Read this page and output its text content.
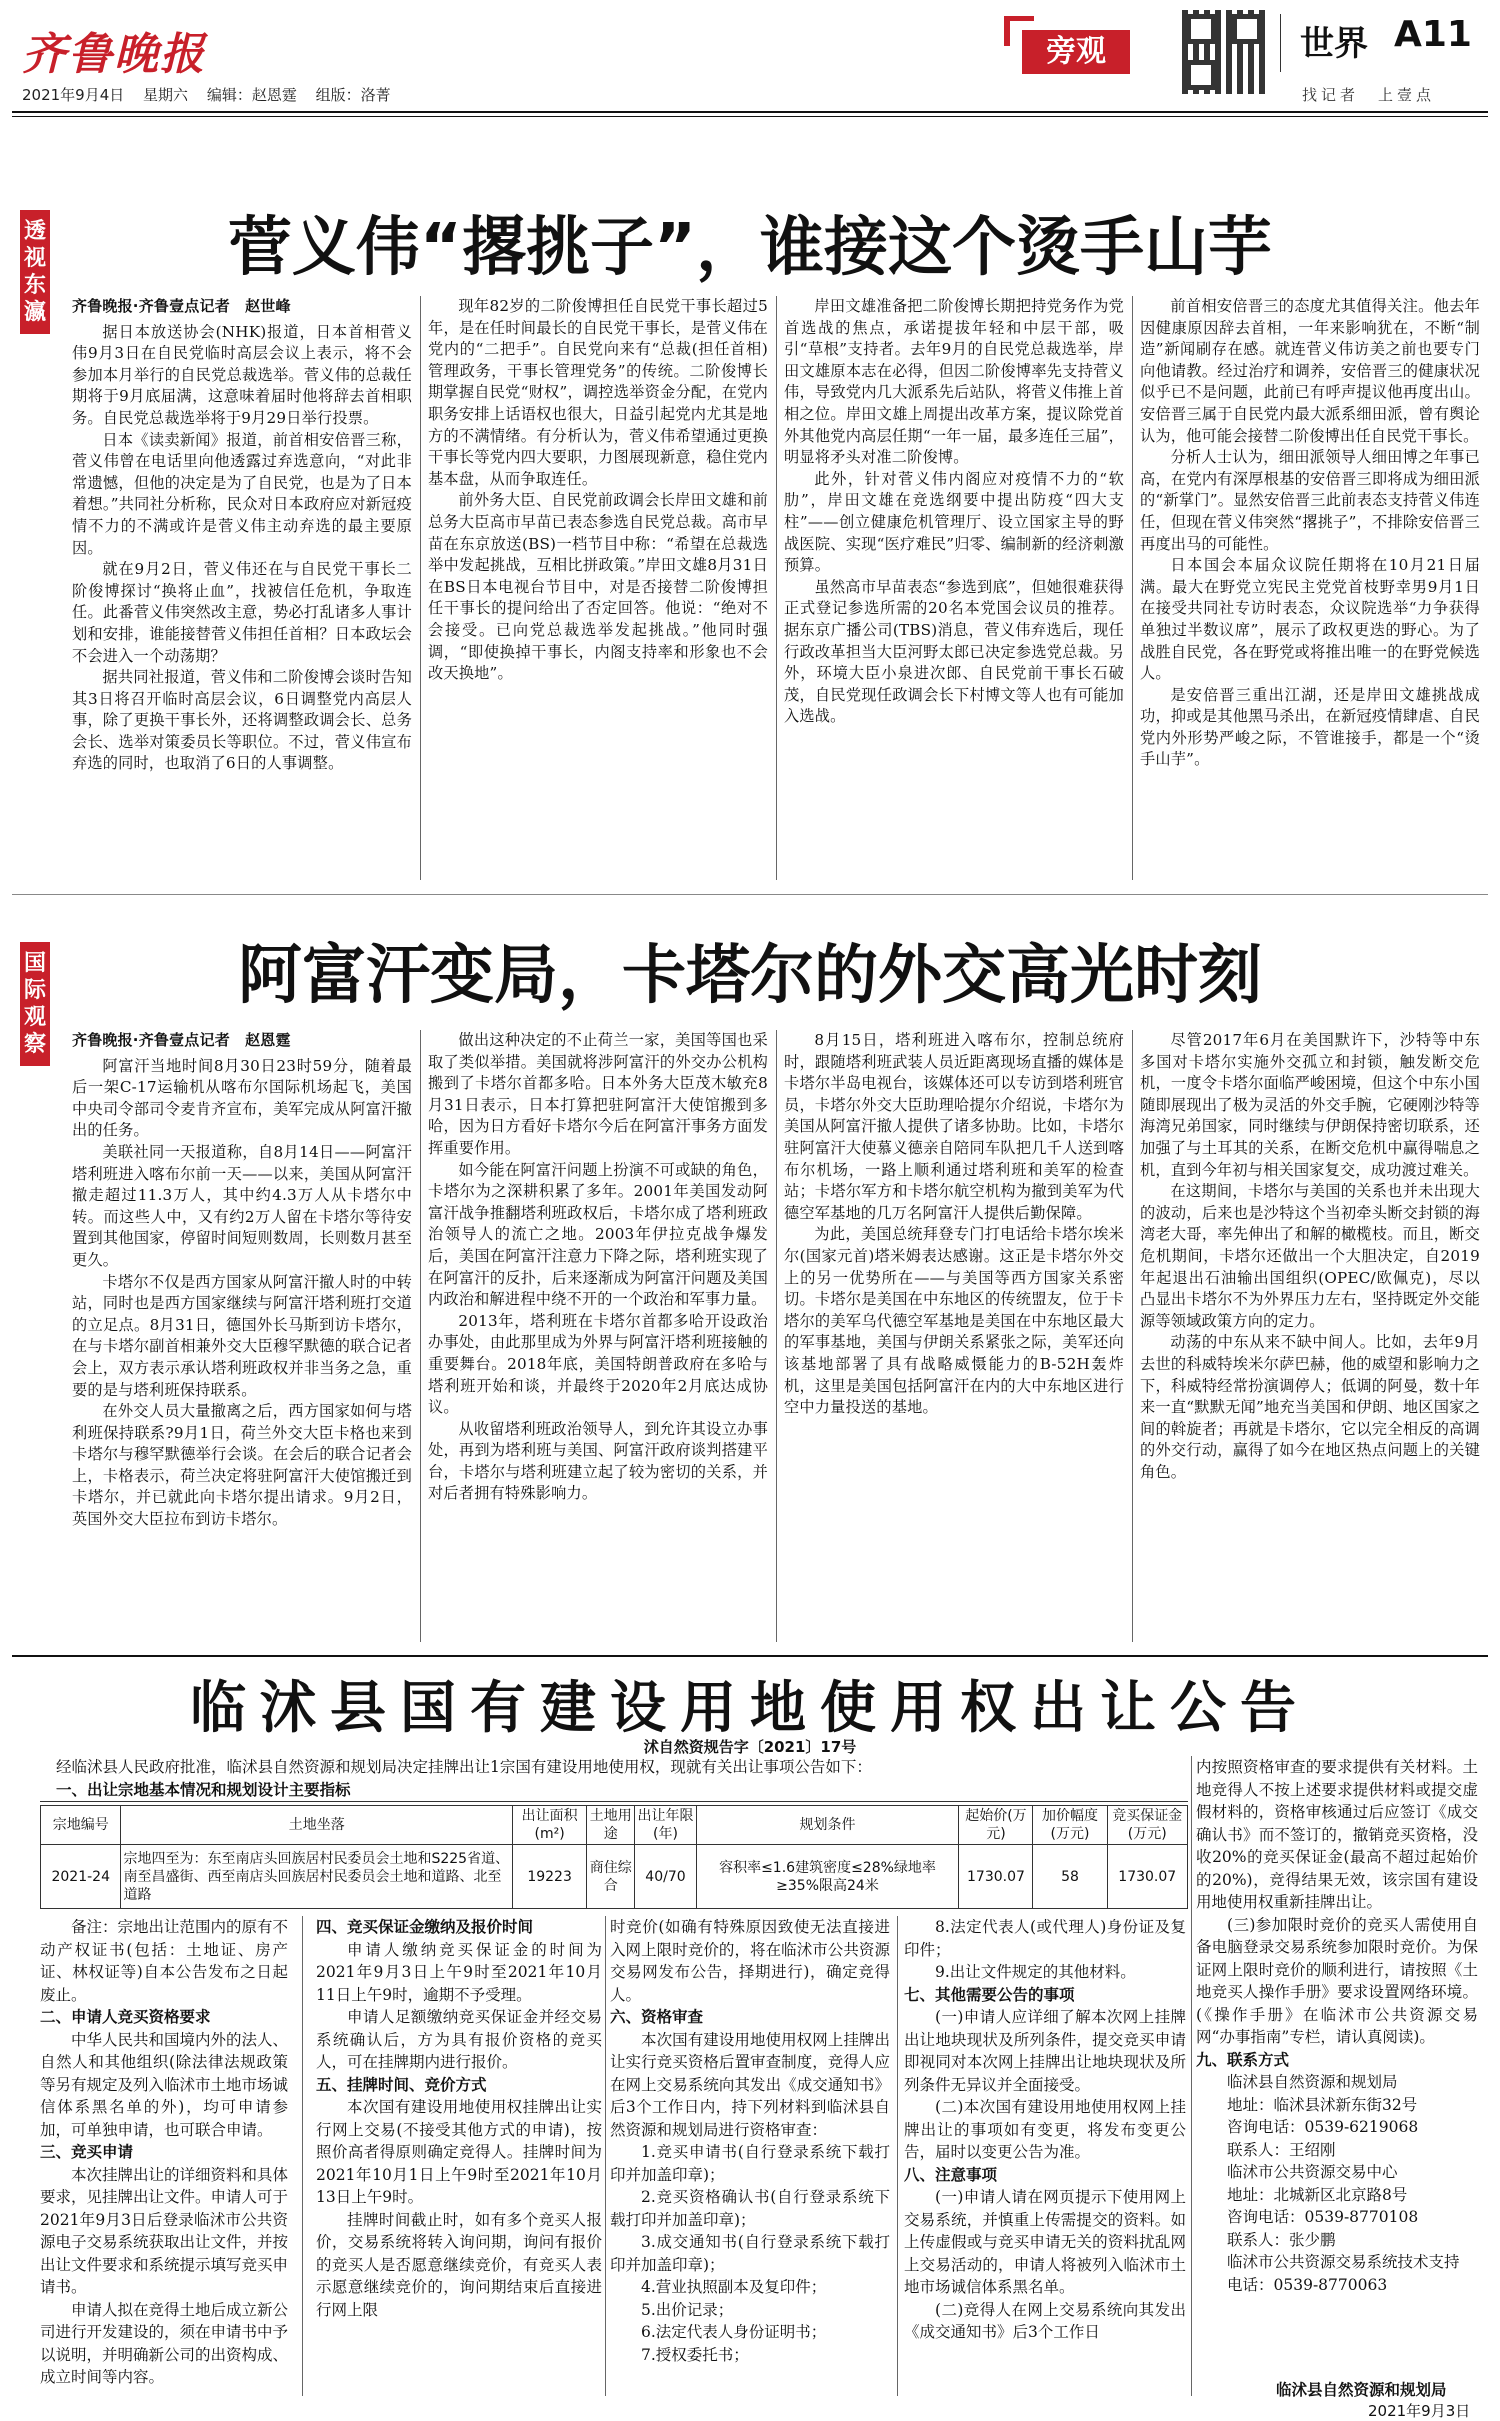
齐鲁晚报
2021年9月4日 星期六 编辑：赵恩霆 组版：洛菁
旁观	世界 A11
找记者　上壹点
透视东瀛
菅义伟“撂挑子”，谁接这个烫手山芋

齐鲁晚报·齐鲁壹点记者　赵世峰

据日本放送协会(NHK)报道，日本首相菅义伟9月3日在自民党临时高层会议上表示，将不会参加本月举行的自民党总裁选举。菅义伟的总裁任期将于9月底届满，这意味着届时他将辞去首相职务。自民党总裁选举将于9月29日举行投票。

日本《读卖新闻》报道，前首相安倍晋三称，菅义伟曾在电话里向他透露过弃选意向，“对此非常遗憾，但他的决定是为了自民党，也是为了日本着想。”共同社分析称，民众对日本政府应对新冠疫情不力的不满或许是菅义伟主动弃选的最主要原因。

就在9月2日，菅义伟还在与自民党干事长二阶俊博探讨“换将止血”，找被信任危机，争取连任。此番菅义伟突然改主意，势必打乱诸多人事计划和安排，谁能接替菅义伟担任首相？日本政坛会不会进入一个动荡期？

据共同社报道，菅义伟和二阶俊博会谈时告知其3日将召开临时高层会议，6日调整党内高层人事，除了更换干事长外，还将调整政调会长、总务会长、选举对策委员长等职位。不过，菅义伟宣布弃选的同时，也取消了6日的人事调整。

现年82岁的二阶俊博担任自民党干事长超过5年，是在任时间最长的自民党干事长，是菅义伟在党内的“二把手”。自民党向来有“总裁(担任首相)管理政务，干事长管理党务”的传统。二阶俊博长期掌握自民党“财权”，调控选举资金分配，在党内职务安排上话语权也很大，日益引起党内尤其是地方的不满情绪。有分析认为，菅义伟希望通过更换干事长等党内四大要职，力图展现新意，稳住党内基本盘，从而争取连任。

前外务大臣、自民党前政调会长岸田文雄和前总务大臣高市早苗已表态参选自民党总裁。高市早苗在东京放送(BS)一档节目中称：“希望在总裁选举中发起挑战，互相比拼政策。”岸田文雄8月31日在BS日本电视台节目中，对是否接替二阶俊博担任干事长的提问给出了否定回答。他说：“绝对不会接受。已向党总裁选举发起挑战。”他同时强调，“即使换掉干事长，内阁支持率和形象也不会改天换地”。

岸田文雄准备把二阶俊博长期把持党务作为党首选战的焦点，承诺提拔年轻和中层干部，吸引“草根”支持者。去年9月的自民党总裁选举，岸田文雄原本志在必得，但因二阶俊博率先支持菅义伟，导致党内几大派系先后站队，将菅义伟推上首相之位。岸田文雄上周提出改革方案，提议除党首外其他党内高层任期“一年一届，最多连任三届”，明显将矛头对准二阶俊博。

此外，针对菅义伟内阁应对疫情不力的“软肋”，岸田文雄在竞选纲要中提出防疫“四大支柱”——创立健康危机管理厅、设立国家主导的野战医院、实现“医疗难民”归零、编制新的经济刺激预算。

虽然高市早苗表态“参选到底”，但她很难获得正式登记参选所需的20名本党国会议员的推荐。据东京广播公司(TBS)消息，菅义伟弃选后，现任行政改革担当大臣河野太郎已决定参选党总裁。另外，环境大臣小泉进次郎、自民党前干事长石破茂，自民党现任政调会长下村博文等人也有可能加入选战。

前首相安倍晋三的态度尤其值得关注。他去年因健康原因辞去首相，一年来影响犹在，不断“制造”新闻刷存在感。就连菅义伟访美之前也要专门向他请教。经过治疗和调养，安倍晋三的健康状况似乎已不是问题，此前已有呼声提议他再度出山。安倍晋三属于自民党内最大派系细田派，曾有舆论认为，他可能会接替二阶俊博出任自民党干事长。

分析人士认为，细田派领导人细田博之年事已高，在党内有深厚根基的安倍晋三即将成为细田派的“新掌门”。显然安倍晋三此前表态支持菅义伟连任，但现在菅义伟突然“撂挑子”，不排除安倍晋三再度出马的可能性。

日本国会本届众议院任期将在10月21日届满。最大在野党立宪民主党党首枝野幸男9月1日在接受共同社专访时表态，众议院选举“力争获得单独过半数议席”，展示了政权更迭的野心。为了战胜自民党，各在野党或将推出唯一的在野党候选人。

是安倍晋三重出江湖，还是岸田文雄挑战成功，抑或是其他黑马杀出，在新冠疫情肆虐、自民党内外形势严峻之际，不管谁接手，都是一个“烫手山芋”。

国际观察
阿富汗变局，卡塔尔的外交高光时刻

齐鲁晚报·齐鲁壹点记者　赵恩霆

阿富汗当地时间8月30日23时59分，随着最后一架C-17运输机从喀布尔国际机场起飞，美国中央司令部司令麦肯齐宣布，美军完成从阿富汗撤出的任务。

美联社同一天报道称，自8月14日——阿富汗塔利班进入喀布尔前一天——以来，美国从阿富汗撤走超过11.3万人，其中约4.3万人从卡塔尔中转。而这些人中，又有约2万人留在卡塔尔等待安置到其他国家，停留时间短则数周，长则数月甚至更久。

卡塔尔不仅是西方国家从阿富汗撤人时的中转站，同时也是西方国家继续与阿富汗塔利班打交道的立足点。8月31日，德国外长马斯到访卡塔尔，在与卡塔尔副首相兼外交大臣穆罕默德的联合记者会上，双方表示承认塔利班政权并非当务之急，重要的是与塔利班保持联系。

在外交人员大量撤离之后，西方国家如何与塔利班保持联系?9月1日，荷兰外交大臣卡格也来到卡塔尔与穆罕默德举行会谈。在会后的联合记者会上，卡格表示，荷兰决定将驻阿富汗大使馆搬迁到卡塔尔，并已就此向卡塔尔提出请求。9月2日，英国外交大臣拉布到访卡塔尔。

做出这种决定的不止荷兰一家，美国等国也采取了类似举措。美国就将涉阿富汗的外交办公机构搬到了卡塔尔首都多哈。日本外务大臣茂木敏充8月31日表示，日本打算把驻阿富汗大使馆搬到多哈，因为日方看好卡塔尔今后在阿富汗事务方面发挥重要作用。

如今能在阿富汗问题上扮演不可或缺的角色，卡塔尔为之深耕积累了多年。2001年美国发动阿富汗战争推翻塔利班政权后，卡塔尔成了塔利班政治领导人的流亡之地。2003年伊拉克战争爆发后，美国在阿富汗注意力下降之际，塔利班实现了在阿富汗的反扑，后来逐渐成为阿富汗问题及美国内政治和解进程中绕不开的一个政治和军事力量。

2013年，塔利班在卡塔尔首都多哈开设政治办事处，由此那里成为外界与阿富汗塔利班接触的重要舞台。2018年底，美国特朗普政府在多哈与塔利班开始和谈，并最终于2020年2月底达成协议。

从收留塔利班政治领导人，到允许其设立办事处，再到为塔利班与美国、阿富汗政府谈判搭建平台，卡塔尔与塔利班建立起了较为密切的关系，并对后者拥有特殊影响力。

8月15日，塔利班进入喀布尔，控制总统府时，跟随塔利班武装人员近距离现场直播的媒体是卡塔尔半岛电视台，该媒体还可以专访到塔利班官员，卡塔尔外交大臣助理哈提尔介绍说，卡塔尔为美国从阿富汗撤人提供了诸多协助。比如，卡塔尔驻阿富汗大使慕义德亲自陪同车队把几千人送到喀布尔机场，一路上顺利通过塔利班和美军的检查站；卡塔尔军方和卡塔尔航空机构为撤到美军为代德空军基地的几万名阿富汗人提供后勤保障。

为此，美国总统拜登专门打电话给卡塔尔埃米尔(国家元首)塔米姆表达感谢。这正是卡塔尔外交上的另一优势所在——与美国等西方国家关系密切。卡塔尔是美国在中东地区的传统盟友，位于卡塔尔的美军乌代德空军基地是美国在中东地区最大的军事基地，美国与伊朗关系紧张之际，美军还向该基地部署了具有战略威慑能力的B-52H轰炸机，这里是美国包括阿富汗在内的大中东地区进行空中力量投送的基地。

尽管2017年6月在美国默许下，沙特等中东多国对卡塔尔实施外交孤立和封锁，触发断交危机，一度令卡塔尔面临严峻困境，但这个中东小国随即展现出了极为灵活的外交手腕，它硬刚沙特等海湾兄弟国家，同时继续与伊朗保持密切联系，还加强了与土耳其的关系，在断交危机中赢得喘息之机，直到今年初与相关国家复交，成功渡过难关。

在这期间，卡塔尔与美国的关系也并未出现大的波动，后来也是沙特这个当初牵头断交封锁的海湾老大哥，率先伸出了和解的橄榄枝。而且，断交危机期间，卡塔尔还做出一个大胆决定，自2019年起退出石油输出国组织(OPEC/欧佩克)，尽以凸显出卡塔尔不为外界压力左右，坚持既定外交能源等领域政策方向的定力。

动荡的中东从来不缺中间人。比如，去年9月去世的科威特埃米尔萨巴赫，他的威望和影响力之下，科威特经常扮演调停人；低调的阿曼，数十年来一直“默默无闻”地充当美国和伊朗、地区国家之间的斡旋者；再就是卡塔尔，它以完全相反的高调的外交行动，赢得了如今在地区热点问题上的关键角色。

临沭县国有建设用地使用权出让公告
沭自然资规告字〔2021〕17号
经临沭县人民政府批准，临沭县自然资源和规划局决定挂牌出让1宗国有建设用地使用权，现就有关出让事项公告如下：
一、出让宗地基本情况和规划设计主要指标
宗地编号	土地坐落	出让面积(m²)	土地用途	出让年限(年)	规划条件	起始价(万元)	加价幅度(万元)	竞买保证金(万元)
2021-24	宗地四至为：东至南店头回族居村民委员会土地和S225省道、南至昌盛街、西至南店头回族居村民委员会土地和道路、北至道路	19223	商住综合	40/70	容积率≤1.6建筑密度≤28%绿地率≥35%限高24米	1730.07	58	1730.07

备注：宗地出让范围内的原有不动产权证书(包括：土地证、房产证、林权证等)自本公告发布之日起废止。

二、申请人竞买资格要求

中华人民共和国境内外的法人、自然人和其他组织(除法律法规政策等另有规定及列入临沭市土地市场诚信体系黑名单的外)，均可申请参加，可单独申请，也可联合申请。

三、竞买申请

本次挂牌出让的详细资料和具体要求，见挂牌出让文件。申请人可于2021年9月3日后登录临沭市公共资源电子交易系统获取出让文件，并按出让文件要求和系统提示填写竞买申请书。

申请人拟在竞得土地后成立新公司进行开发建设的，须在申请书中予以说明，并明确新公司的出资构成、成立时间等内容。

四、竞买保证金缴纳及报价时间

申请人缴纳竞买保证金的时间为2021年9月3日上午9时至2021年10月11日上午9时，逾期不予受理。

申请人足额缴纳竞买保证金并经交易系统确认后，方为具有报价资格的竞买人，可在挂牌期内进行报价。

五、挂牌时间、竞价方式

本次国有建设用地使用权挂牌出让实行网上交易(不接受其他方式的申请)，按照价高者得原则确定竞得人。挂牌时间为2021年10月1日上午9时至2021年10月13日上午9时。

挂牌时间截止时，如有多个竞买人报价，交易系统将转入询问期，询问有报价的竞买人是否愿意继续竞价，有竞买人表示愿意继续竞价的，询问期结束后直接进行网上限

时竞价(如确有特殊原因致使无法直接进入网上限时竞价的，将在临沭市公共资源交易网发布公告，择期进行)，确定竞得人。

六、资格审查

本次国有建设用地使用权网上挂牌出让实行竞买资格后置审查制度，竞得人应在网上交易系统向其发出《成交通知书》后3个工作日内，持下列材料到临沭县自然资源和规划局进行资格审查：

1.竞买申请书(自行登录系统下载打印并加盖印章)；

2.竞买资格确认书(自行登录系统下载打印并加盖印章)；

3.成交通知书(自行登录系统下载打印并加盖印章)；

4.营业执照副本及复印件；

5.出价记录；

6.法定代表人身份证明书；

7.授权委托书；

8.法定代表人(或代理人)身份证及复印件；

9.出让文件规定的其他材料。

七、其他需要公告的事项

(一)申请人应详细了解本次网上挂牌出让地块现状及所列条件，提交竞买申请即视同对本次网上挂牌出让地块现状及所列条件无异议并全面接受。

(二)本次国有建设用地使用权网上挂牌出让的事项如有变更，将发布变更公告，届时以变更公告为准。

八、注意事项

(一)申请人请在网页提示下使用网上交易系统，并慎重上传需提交的资料。如上传虚假或与竞买申请无关的资料扰乱网上交易活动的，申请人将被列入临沭市土地市场诚信体系黑名单。

(二)竞得人在网上交易系统向其发出《成交通知书》后3个工作日

内按照资格审查的要求提供有关材料。土地竞得人不按上述要求提供材料或提交虚假材料的，资格审核通过后应签订《成交确认书》而不签订的，撤销竞买资格，没收20%的竞买保证金(最高不超过起始价的20%)，竞得结果无效，该宗国有建设用地使用权重新挂牌出让。

(三)参加限时竞价的竞买人需使用自备电脑登录交易系统参加限时竞价。为保证网上限时竞价的顺利进行，请按照《土地竞买人操作手册》要求设置网络环境。(《操作手册》在临沭市公共资源交易网“办事指南”专栏，请认真阅读)。

九、联系方式

临沭县自然资源和规划局

地址：临沭县沭新东街32号

咨询电话：0539-6219068

联系人：王绍刚

临沭市公共资源交易中心

地址：北城新区北京路8号

咨询电话：0539-8770108

联系人：张少鹏

临沭市公共资源交易系统技术支持

电话：0539-8770063

临沭县自然资源和规划局
2021年9月3日
